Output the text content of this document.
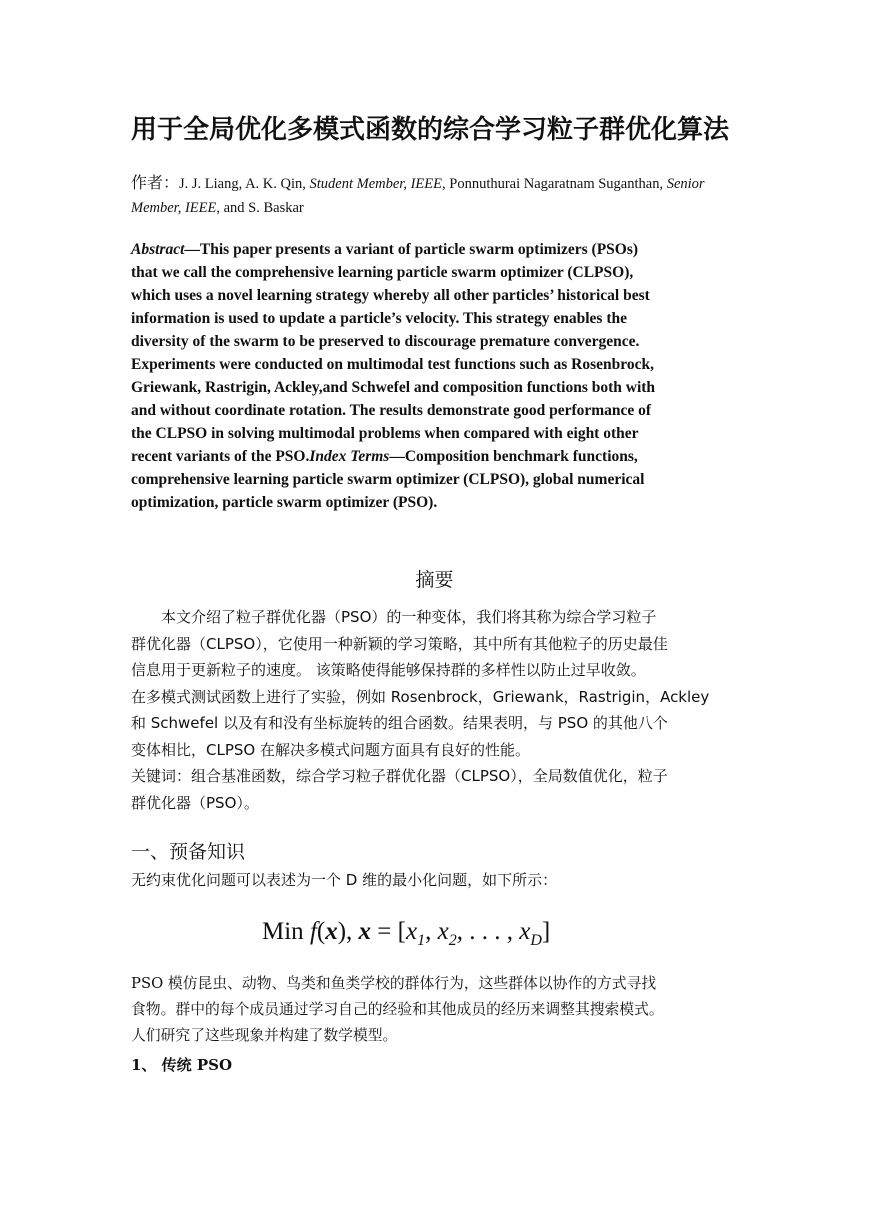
用于全局优化多模式函数的综合学习粒子群优化算法
作者：J. J. Liang, A. K. Qin, Student Member, IEEE, Ponnuthurai Nagaratnam Suganthan, Senior Member, IEEE, and S. Baskar
Abstract—This paper presents a variant of particle swarm optimizers (PSOs)
that we call the comprehensive learning particle swarm optimizer (CLPSO),
which uses a novel learning strategy whereby all other particles’ historical best
information is used to update a particle’s velocity. This strategy enables the
diversity of the swarm to be preserved to discourage premature convergence.
Experiments were conducted on multimodal test functions such as Rosenbrock,
Griewank, Rastrigin, Ackley,and Schwefel and composition functions both with
and without coordinate rotation. The results demonstrate good performance of
the CLPSO in solving multimodal problems when compared with eight other
recent variants of the PSO.Index Terms—Composition benchmark functions,
comprehensive learning particle swarm optimizer (CLPSO), global numerical
optimization, particle swarm optimizer (PSO).
摘要
　　本文介绍了粒子群优化器（PSO）的一种变体，我们将其称为综合学习粒子
群优化器（CLPSO），它使用一种新颖的学习策略，其中所有其他粒子的历史最佳
信息用于更新粒子的速度。 该策略使得能够保持群的多样性以防止过早收敛。
在多模式测试函数上进行了实验，例如 Rosenbrock，Griewank，Rastrigin，Ackley
和 Schwefel 以及有和没有坐标旋转的组合函数。结果表明，与 PSO 的其他八个
变体相比，CLPSO 在解决多模式问题方面具有良好的性能。
关键词：组合基准函数，综合学习粒子群优化器（CLPSO），全局数值优化，粒子
群优化器（PSO）。
一、预备知识
无约束优化问题可以表述为一个 D 维的最小化问题，如下所示：
Min f(x), $x = [x_1$, $x_2$, . . . , $x_D$]
PSO 模仿昆虫、动物、鸟类和鱼类学校的群体行为，这些群体以协作的方式寻找
食物。群中的每个成员通过学习自己的经验和其他成员的经历来调整其搜索模式。
人们研究了这些现象并构建了数学模型。
1、 传统 PSO
